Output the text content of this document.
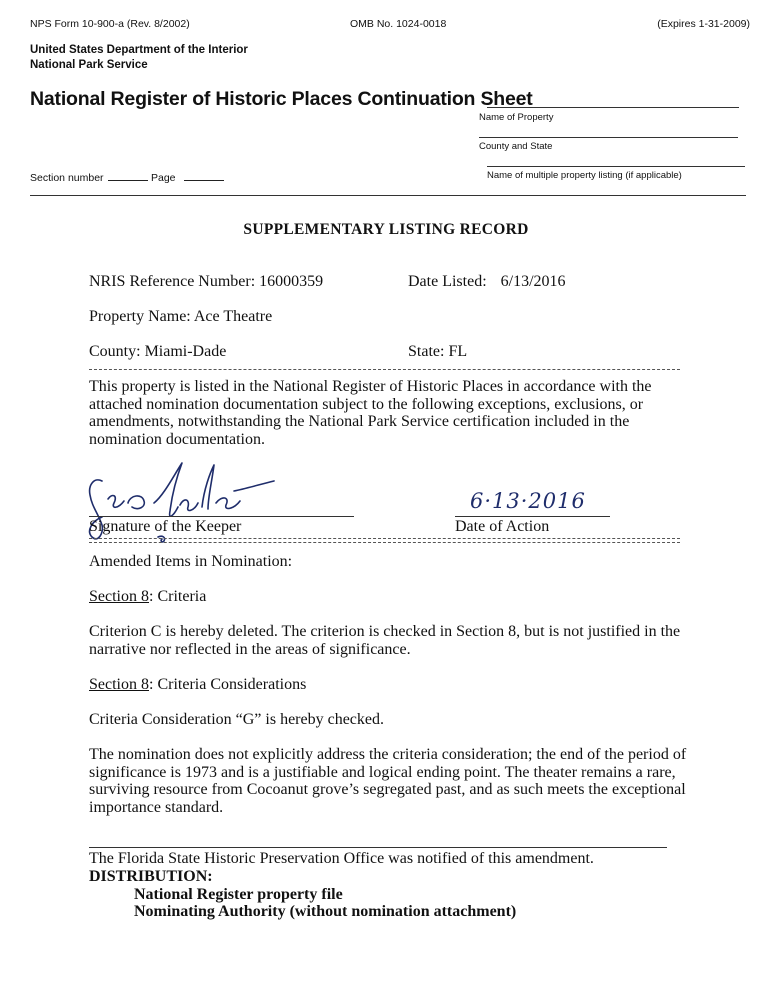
NPS Form 10-900-a (Rev. 8/2002)	OMB No. 1024-0018	(Expires 1-31-2009)
United States Department of the Interior
National Park Service
National Register of Historic Places Continuation Sheet
Name of Property
County and State
Name of multiple property listing (if applicable)
Section number	Page
SUPPLEMENTARY LISTING RECORD
NRIS Reference Number: 16000359	Date Listed: 6/13/2016
Property Name: Ace Theatre
County: Miami-Dade	State: FL
This property is listed in the National Register of Historic Places in accordance with the attached nomination documentation subject to the following exceptions, exclusions, or amendments, notwithstanding the National Park Service certification included in the nomination documentation.
Signature of the Keeper
6·13·2016
Date of Action
Amended Items in Nomination:
Section 8: Criteria
Criterion C is hereby deleted. The criterion is checked in Section 8, but is not justified in the narrative nor reflected in the areas of significance.
Section 8: Criteria Considerations
Criteria Consideration “G” is hereby checked.
The nomination does not explicitly address the criteria consideration; the end of the period of significance is 1973 and is a justifiable and logical ending point. The theater remains a rare, surviving resource from Cocoanut grove’s segregated past, and as such meets the exceptional importance standard.
The Florida State Historic Preservation Office was notified of this amendment.
DISTRIBUTION:
National Register property file
Nominating Authority (without nomination attachment)
